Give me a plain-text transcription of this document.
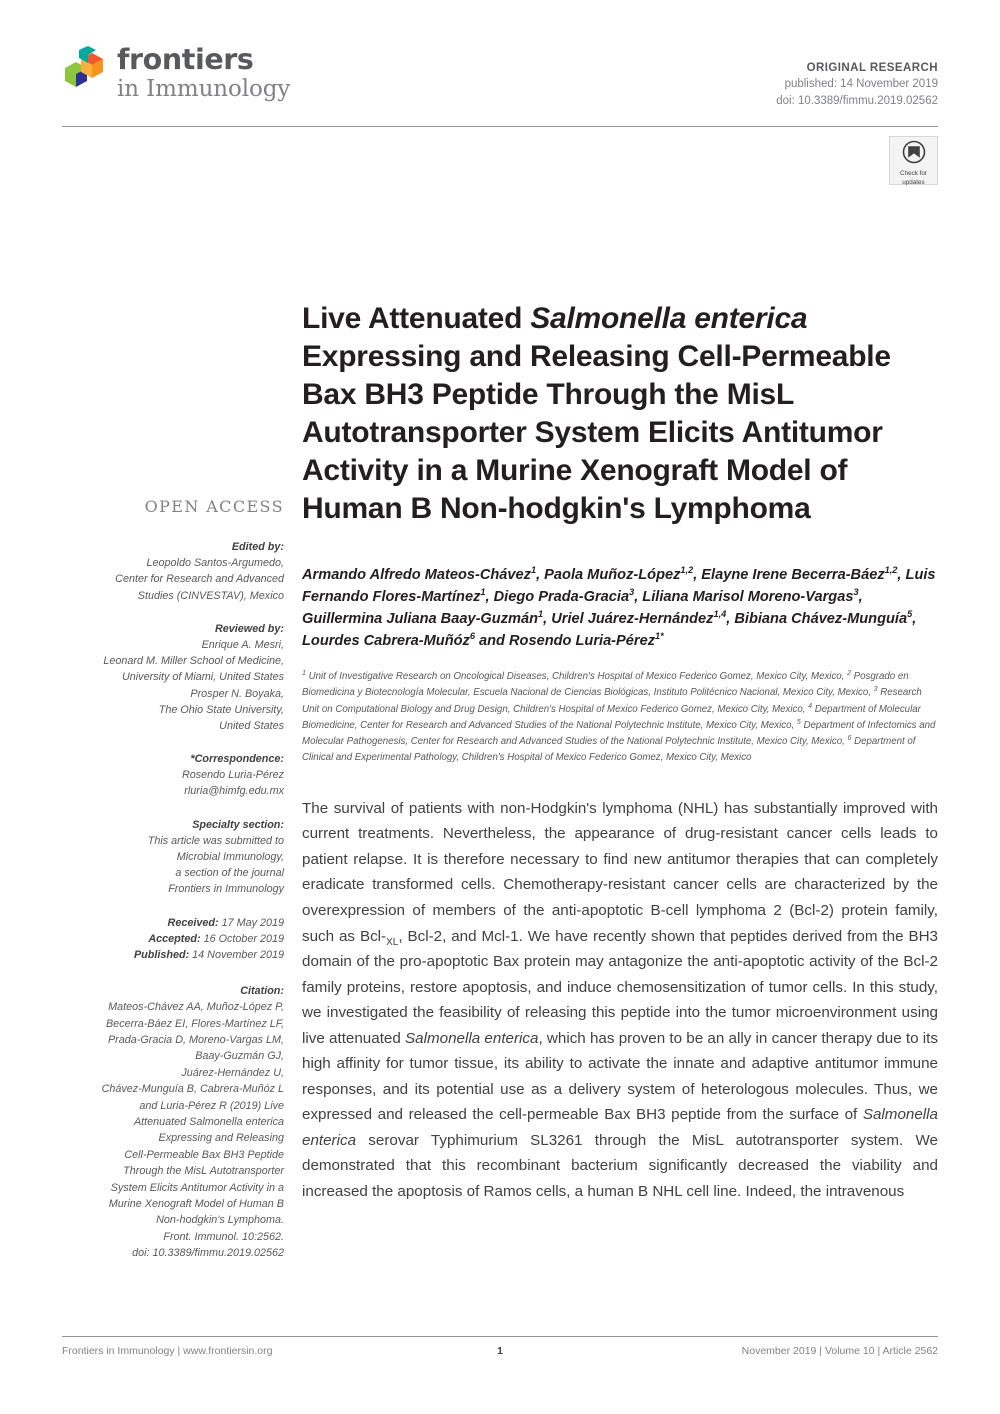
frontiers
in Immunology
ORIGINAL RESEARCH
published: 14 November 2019
doi: 10.3389/fimmu.2019.02562
Check for
updates
OPEN ACCESS
Edited by:
Leopoldo Santos-Argumedo,
Center for Research and Advanced
Studies (CINVESTAV), Mexico
Reviewed by:
Enrique A. Mesri,
Leonard M. Miller School of Medicine,
University of Miami, United States
Prosper N. Boyaka,
The Ohio State University,
United States
*Correspondence:
Rosendo Luria-Pérez
rluria@himfg.edu.mx
Specialty section:
This article was submitted to
Microbial Immunology,
a section of the journal
Frontiers in Immunology
Received: 17 May 2019
Accepted: 16 October 2019
Published: 14 November 2019
Citation:
Mateos-Chávez AA, Muñoz-López P,
Becerra-Báez EI, Flores-Martínez LF,
Prada-Gracia D, Moreno-Vargas LM,
Baay-Guzmán GJ,
Juárez-Hernández U,
Chávez-Munguía B, Cabrera-Muñóz L
and Luria-Pérez R (2019) Live
Attenuated Salmonella enterica
Expressing and Releasing
Cell-Permeable Bax BH3 Peptide
Through the MisL Autotransporter
System Elicits Antitumor Activity in a
Murine Xenograft Model of Human B
Non-hodgkin's Lymphoma.
Front. Immunol. 10:2562.
doi: 10.3389/fimmu.2019.02562
Live Attenuated Salmonella enterica Expressing and Releasing Cell-Permeable Bax BH3 Peptide Through the MisL Autotransporter System Elicits Antitumor Activity in a Murine Xenograft Model of Human B Non-hodgkin's Lymphoma
Armando Alfredo Mateos-Chávez$^1$, Paola Muñoz-López$^{1,2}$, Elayne Irene Becerra-Báez$^{1,2}$, Luis Fernando Flores-Martínez$^1$, Diego Prada-Gracia$^3$, Liliana Marisol Moreno-Vargas$^3$, Guillermina Juliana Baay-Guzmán$^1$, Uriel Juárez-Hernández$^{1,4}$, Bibiana Chávez-Munguía$^5$, Lourdes Cabrera-Muñóz$^6$ and Rosendo Luria-Pérez$^{1*}$
$^1$ Unit of Investigative Research on Oncological Diseases, Children's Hospital of Mexico Federico Gomez, Mexico City, Mexico, $^2$ Posgrado en Biomedicina y Biotecnología Molecular, Escuela Nacional de Ciencias Biológicas, Instituto Politécnico Nacional, Mexico City, Mexico, $^3$ Research Unit on Computational Biology and Drug Design, Children's Hospital of Mexico Federico Gomez, Mexico City, Mexico, $^4$ Department of Molecular Biomedicine, Center for Research and Advanced Studies of the National Polytechnic Institute, Mexico City, Mexico, $^5$ Department of Infectomics and Molecular Pathogenesis, Center for Research and Advanced Studies of the National Polytechnic Institute, Mexico City, Mexico, $^6$ Department of Clinical and Experimental Pathology, Children's Hospital of Mexico Federico Gomez, Mexico City, Mexico
The survival of patients with non-Hodgkin's lymphoma (NHL) has substantially improved with current treatments. Nevertheless, the appearance of drug-resistant cancer cells leads to patient relapse. It is therefore necessary to find new antitumor therapies that can completely eradicate transformed cells. Chemotherapy-resistant cancer cells are characterized by the overexpression of members of the anti-apoptotic B-cell lymphoma 2 (Bcl-2) protein family, such as Bcl-$_{XL}$, Bcl-2, and Mcl-1. We have recently shown that peptides derived from the BH3 domain of the pro-apoptotic Bax protein may antagonize the anti-apoptotic activity of the Bcl-2 family proteins, restore apoptosis, and induce chemosensitization of tumor cells. In this study, we investigated the feasibility of releasing this peptide into the tumor microenvironment using live attenuated Salmonella enterica, which has proven to be an ally in cancer therapy due to its high affinity for tumor tissue, its ability to activate the innate and adaptive antitumor immune responses, and its potential use as a delivery system of heterologous molecules. Thus, we expressed and released the cell-permeable Bax BH3 peptide from the surface of Salmonella enterica serovar Typhimurium SL3261 through the MisL autotransporter system. We demonstrated that this recombinant bacterium significantly decreased the viability and increased the apoptosis of Ramos cells, a human B NHL cell line. Indeed, the intravenous
Frontiers in Immunology | www.frontiersin.org	1	November 2019 | Volume 10 | Article 2562
